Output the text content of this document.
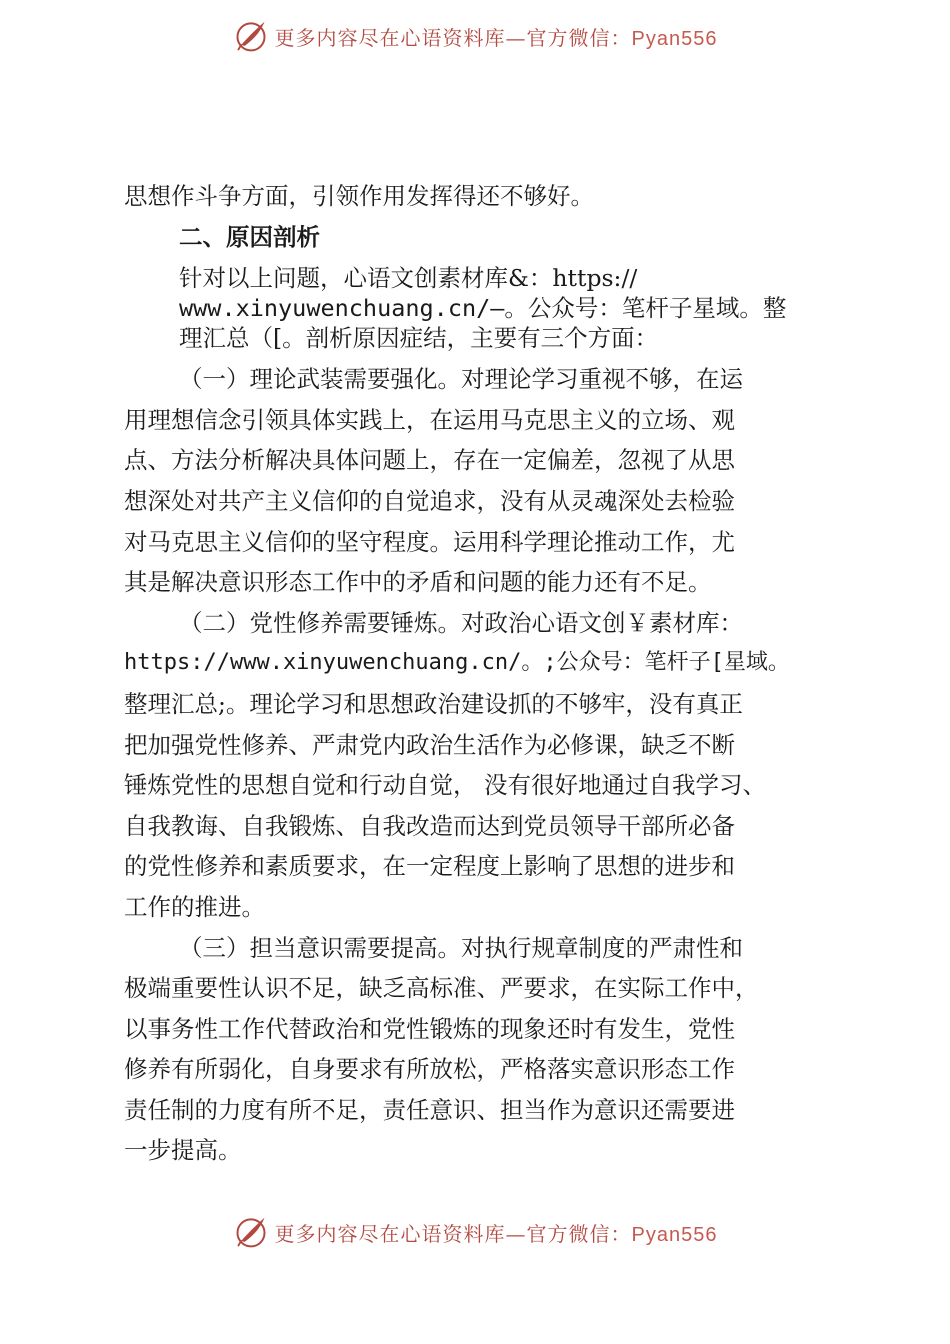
更多内容尽在心语资料库—官方微信：Pyan556
思想作斗争方面，引领作用发挥得还不够好。
二、原因剖析
针对以上问题，心语文创素材库&：https://
www.xinyuwenchuang.cn/—。公众号：笔杆子星域。整
理汇总（[。剖析原因症结，主要有三个方面：
（一）理论武装需要强化。对理论学习重视不够，在运
用理想信念引领具体实践上，在运用马克思主义的立场、观
点、方法分析解决具体问题上，存在一定偏差，忽视了从思
想深处对共产主义信仰的自觉追求，没有从灵魂深处去检验
对马克思主义信仰的坚守程度。运用科学理论推动工作，尤
其是解决意识形态工作中的矛盾和问题的能力还有不足。
（二）党性修养需要锤炼。对政治心语文创￥素材库：
https://www.xinyuwenchuang.cn/。;公众号：笔杆子[星域。
整理汇总;。理论学习和思想政治建设抓的不够牢，没有真正
把加强党性修养、严肃党内政治生活作为必修课，缺乏不断
锤炼党性的思想自觉和行动自觉， 没有很好地通过自我学习、
自我教诲、自我锻炼、自我改造而达到党员领导干部所必备
的党性修养和素质要求，在一定程度上影响了思想的进步和
工作的推进。
（三）担当意识需要提高。对执行规章制度的严肃性和
极端重要性认识不足，缺乏高标准、严要求，在实际工作中，
以事务性工作代替政治和党性锻炼的现象还时有发生，党性
修养有所弱化，自身要求有所放松，严格落实意识形态工作
责任制的力度有所不足，责任意识、担当作为意识还需要进
一步提高。
更多内容尽在心语资料库—官方微信：Pyan556
